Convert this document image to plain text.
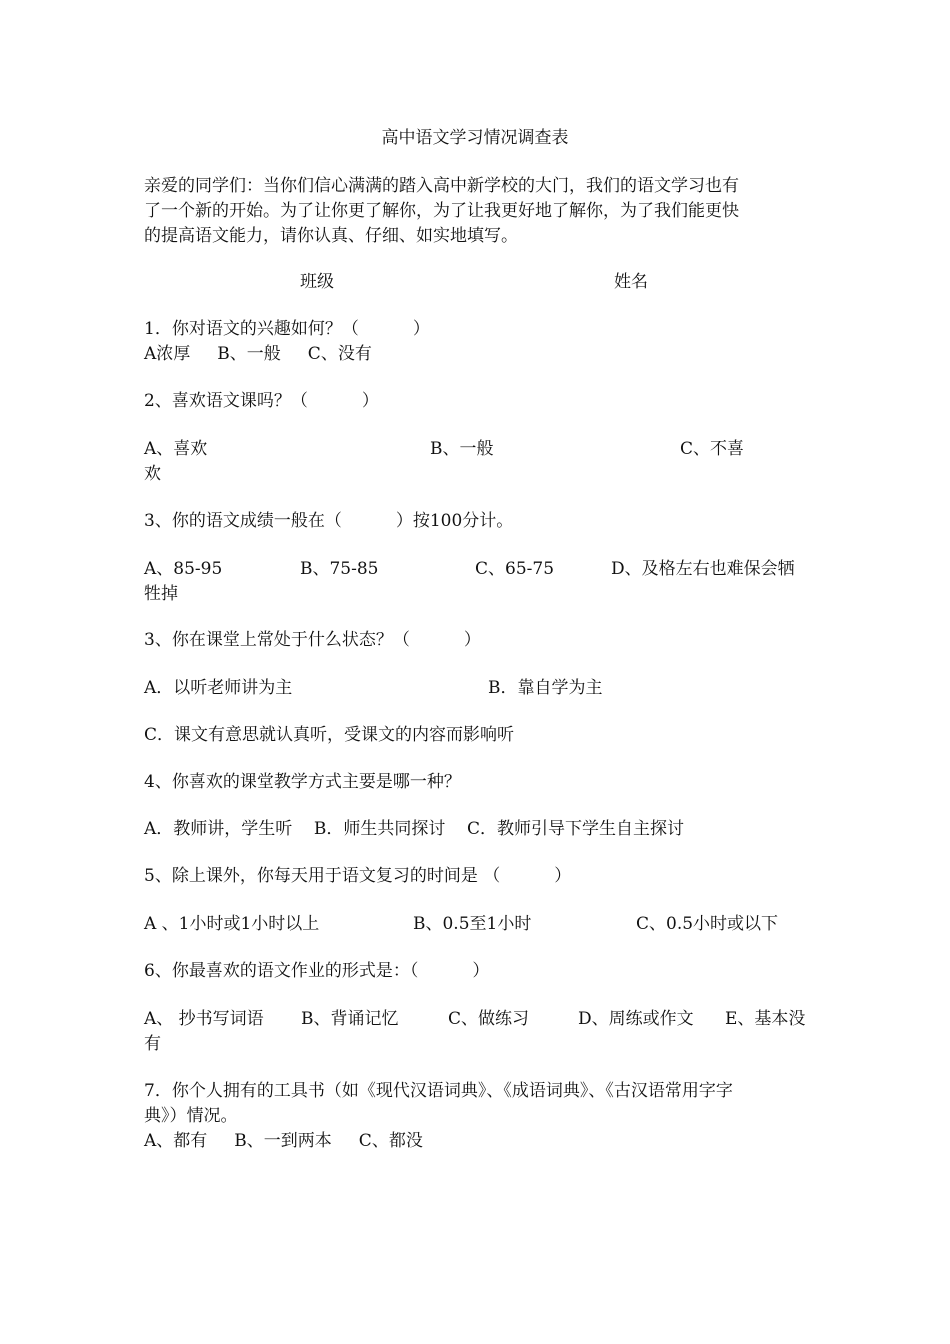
高中语文学习情况调查表
亲爱的同学们：当你们信心满满的踏入高中新学校的大门，我们的语文学习也有
了一个新的开始。为了让你更了解你，为了让我更好地了解你，为了我们能更快
的提高语文能力，请你认真、仔细、如实地填写。
班级	姓名
1．你对语文的兴趣如何？（          ）
A浓厚     B、一般     C、没有
2、喜欢语文课吗？（          ）
A、喜欢	B、一般	C、不喜
欢
3、你的语文成绩一般在（          ）按100分计。
A、85-95	B、75-85	C、65-75	D、及格左右也难保会牺
牲掉
3、你在课堂上常处于什么状态？（          ）
A．以听老师讲为主	B．靠自学为主
C．课文有意思就认真听，受课文的内容而影响听
4、你喜欢的课堂教学方式主要是哪一种？
A．教师讲，学生听    B．师生共同探讨    C．教师引导下学生自主探讨
5、除上课外，你每天用于语文复习的时间是 （          ）
A 、1小时或1小时以上	B、0.5至1小时	C、0.5小时或以下
6、你最喜欢的语文作业的形式是：（          ）
A、 抄书写词语 B、背诵记忆	C、做练习	D、周练或作文 E、基本没
有
7．你个人拥有的工具书（如《现代汉语词典》、《成语词典》、《古汉语常用字字
典》）情况。
A、都有     B、一到两本     C、都没
